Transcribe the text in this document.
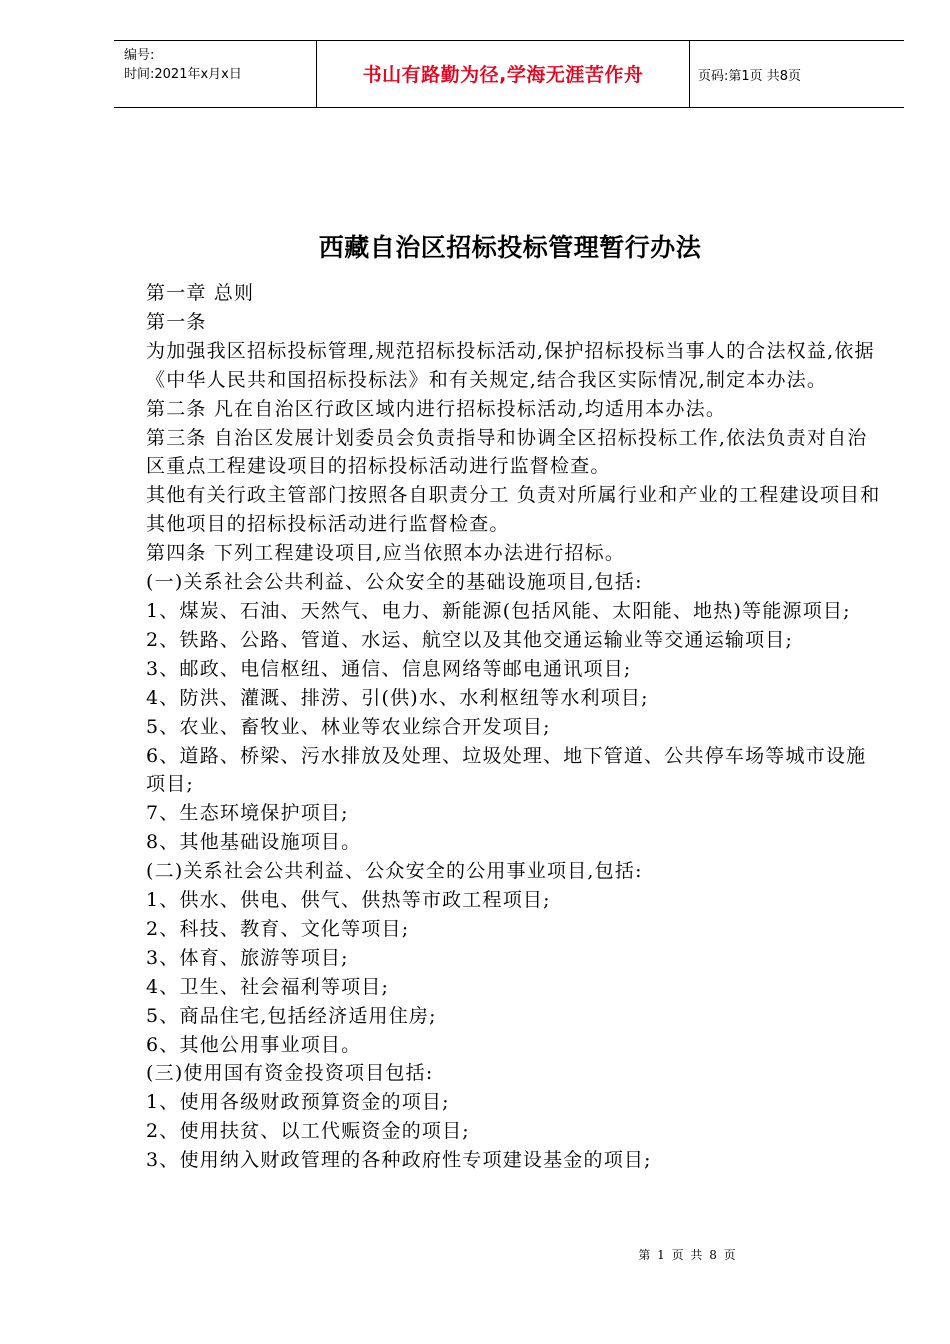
编号:
时间:2021年x月x日	书山有路勤为径,学海无涯苦作舟	页码:第1页 共8页
西藏自治区招标投标管理暂行办法

第一章 总则

第一条

为加强我区招标投标管理,规范招标投标活动,保护招标投标当事人的合法权益,依据《中华人民共和国招标投标法》和有关规定,结合我区实际情况,制定本办法。

第二条 凡在自治区行政区域内进行招标投标活动,均适用本办法。

第三条 自治区发展计划委员会负责指导和协调全区招标投标工作,依法负责对自治区重点工程建设项目的招标投标活动进行监督检查。

其他有关行政主管部门按照各自职责分工 负责对所属行业和产业的工程建设项目和其他项目的招标投标活动进行监督检查。

第四条 下列工程建设项目,应当依照本办法进行招标。

(一)关系社会公共利益、公众安全的基础设施项目,包括:

1、煤炭、石油、天然气、电力、新能源(包括风能、太阳能、地热)等能源项目;

2、铁路、公路、管道、水运、航空以及其他交通运输业等交通运输项目;

3、邮政、电信枢纽、通信、信息网络等邮电通讯项目;

4、防洪、灌溉、排涝、引(供)水、水利枢纽等水利项目;

5、农业、畜牧业、林业等农业综合开发项目;

6、道路、桥梁、污水排放及处理、垃圾处理、地下管道、公共停车场等城市设施项目;

7、生态环境保护项目;

8、其他基础设施项目。

(二)关系社会公共利益、公众安全的公用事业项目,包括:

1、供水、供电、供气、供热等市政工程项目;

2、科技、教育、文化等项目;

3、体育、旅游等项目;

4、卫生、社会福利等项目;

5、商品住宅,包括经济适用住房;

6、其他公用事业项目。

(三)使用国有资金投资项目包括:

1、使用各级财政预算资金的项目;

2、使用扶贫、以工代赈资金的项目;

3、使用纳入财政管理的各种政府性专项建设基金的项目;

第 1 页 共 8 页
